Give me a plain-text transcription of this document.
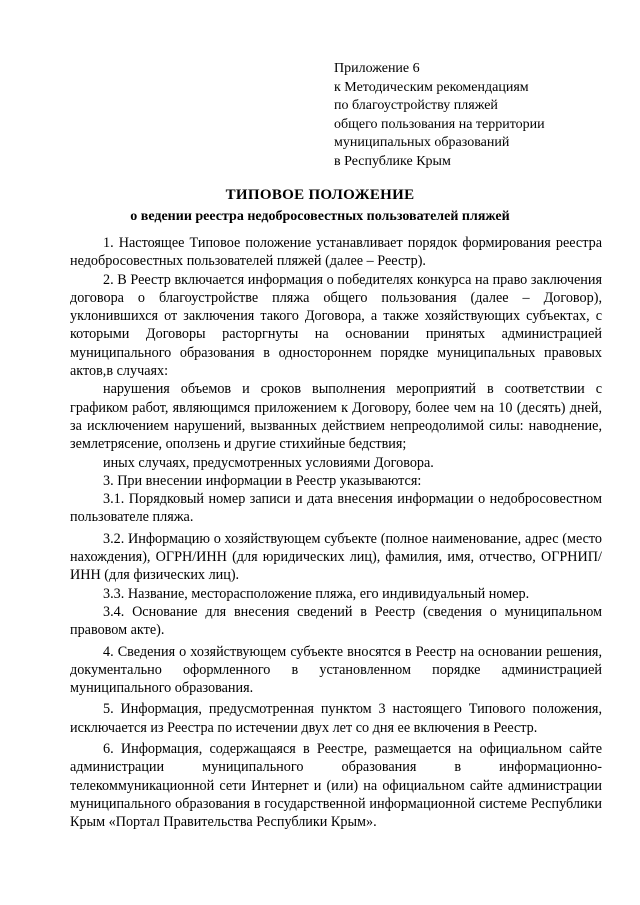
Приложение 6
к Методическим рекомендациям
по благоустройству пляжей
общего пользования на территории
муниципальных образований
в Республике Крым
ТИПОВОЕ ПОЛОЖЕНИЕ
о ведении реестра недобросовестных пользователей пляжей

1. Настоящее Типовое положение устанавливает порядок формирования реестра недобросовестных пользователей пляжей (далее – Реестр).

2. В Реестр включается информация о победителях конкурса на право заключения договора о благоустройстве пляжа общего пользования (далее – Договор), уклонившихся от заключения такого Договора, а также хозяйствующих субъектах, с которыми Договоры расторгнуты на основании принятых администрацией муниципального образования в одностороннем порядке муниципальных правовых актов,в случаях:

нарушения объемов и сроков выполнения мероприятий в соответствии с графиком работ, являющимся приложением к Договору, более чем на 10 (десять) дней, за исключением нарушений, вызванных действием непреодолимой силы: наводнение, землетрясение, оползень и другие стихийные бедствия;

иных случаях, предусмотренных условиями Договора.

3. При внесении информации в Реестр указываются:

3.1. Порядковый номер записи и дата внесения информации о недобросовестном пользователе пляжа.

3.2. Информацию о хозяйствующем субъекте (полное наименование, адрес (место нахождения), ОГРН/ИНН (для юридических лиц), фамилия, имя, отчество, ОГРНИП/ИНН (для физических лиц).

3.3. Название, месторасположение пляжа, его индивидуальный номер.

3.4. Основание для внесения сведений в Реестр (сведения о муниципальном правовом акте).

4. Сведения о хозяйствующем субъекте вносятся в Реестр на основании решения, документально оформленного в установленном порядке администрацией муниципального образования.

5. Информация, предусмотренная пунктом 3 настоящего Типового положения, исключается из Реестра по истечении двух лет со дня ее включения в Реестр.

6. Информация, содержащаяся в Реестре, размещается на официальном сайте администрации муниципального образования в информационно-телекоммуникационной сети Интернет и (или) на официальном сайте администрации муниципального образования в государственной информационной системе Республики Крым «Портал Правительства Республики Крым».
